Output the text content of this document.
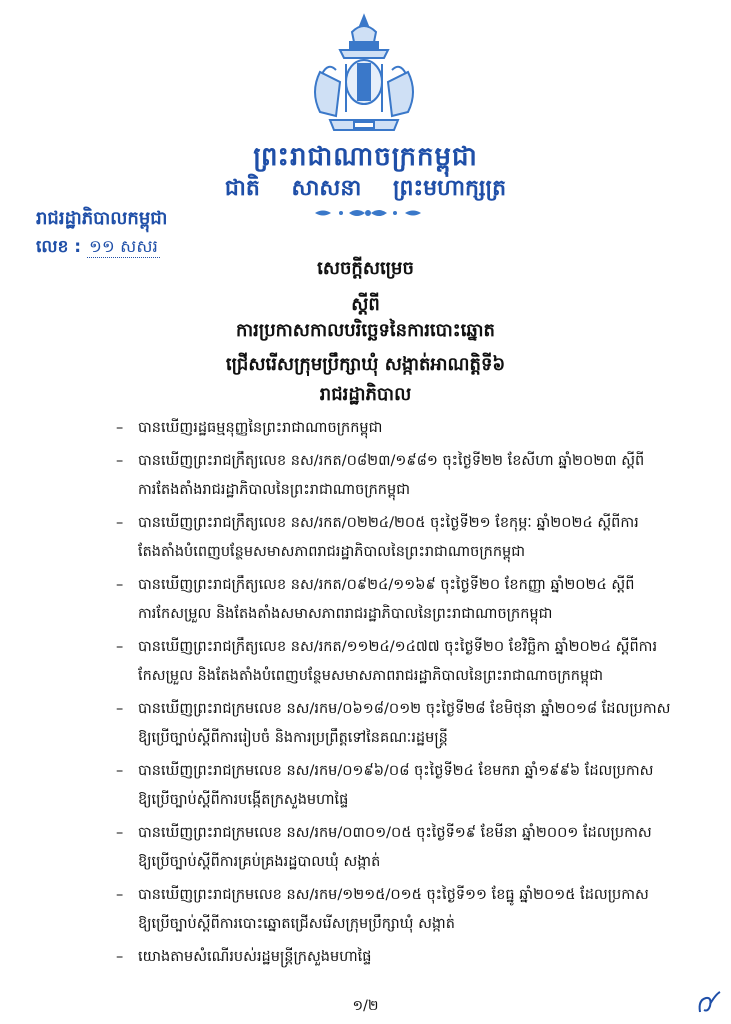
ព្រះរាជាណាចក្រកម្ពុជា
ជាតិ សាសនា ព្រះមហាក្សត្រ
រាជរដ្ឋាភិបាលកម្ពុជា
លេខ : ១១ សសរ
សេចក្ដីសម្រេច
ស្ដីពី
ការប្រកាសកាលបរិច្ឆេទនៃការបោះឆ្នោត
ជ្រើសរើសក្រុមប្រឹក្សាឃុំ សង្កាត់អាណត្តិទី៦
រាជរដ្ឋាភិបាល
– បានឃើញរដ្ឋធម្មនុញ្ញនៃព្រះរាជាណាចក្រកម្ពុជា
– បានឃើញព្រះរាជក្រឹត្យលេខ នស/រកត/០៨២៣/១៩៨១ ចុះថ្ងៃទី២២ ខែសីហា ឆ្នាំ២០២៣ ស្ដីពី
ការតែងតាំងរាជរដ្ឋាភិបាលនៃព្រះរាជាណាចក្រកម្ពុជា
– បានឃើញព្រះរាជក្រឹត្យលេខ នស/រកត/០២២៤/២០៥ ចុះថ្ងៃទី២១ ខែកុម្ភៈ ឆ្នាំ២០២៤ ស្ដីពីការ
តែងតាំងបំពេញបន្ថែមសមាសភាពរាជរដ្ឋាភិបាលនៃព្រះរាជាណាចក្រកម្ពុជា
– បានឃើញព្រះរាជក្រឹត្យលេខ នស/រកត/០៩២៤/១១៦៩ ចុះថ្ងៃទី២០ ខែកញ្ញា ឆ្នាំ២០២៤ ស្ដីពី
ការកែសម្រួល និងតែងតាំងសមាសភាពរាជរដ្ឋាភិបាលនៃព្រះរាជាណាចក្រកម្ពុជា
– បានឃើញព្រះរាជក្រឹត្យលេខ នស/រកត/១១២៤/១៤៧៧ ចុះថ្ងៃទី២០ ខែវិច្ឆិកា ឆ្នាំ២០២៤ ស្ដីពីការ
កែសម្រួល និងតែងតាំងបំពេញបន្ថែមសមាសភាពរាជរដ្ឋាភិបាលនៃព្រះរាជាណាចក្រកម្ពុជា
– បានឃើញព្រះរាជក្រមលេខ នស/រកម/០៦១៨/០១២ ចុះថ្ងៃទី២៨ ខែមិថុនា ឆ្នាំ២០១៨ ដែលប្រកាស
ឱ្យប្រើច្បាប់ស្ដីពីការរៀបចំ និងការប្រព្រឹត្តទៅនៃគណៈរដ្ឋមន្ត្រី
– បានឃើញព្រះរាជក្រមលេខ នស/រកម/០១៩៦/០៨ ចុះថ្ងៃទី២៤ ខែមករា ឆ្នាំ១៩៩៦ ដែលប្រកាស
ឱ្យប្រើច្បាប់ស្ដីពីការបង្កើតក្រសួងមហាផ្ទៃ
– បានឃើញព្រះរាជក្រមលេខ នស/រកម/០៣០១/០៥ ចុះថ្ងៃទី១៩ ខែមីនា ឆ្នាំ២០០១ ដែលប្រកាស
ឱ្យប្រើច្បាប់ស្ដីពីការគ្រប់គ្រងរដ្ឋបាលឃុំ សង្កាត់
– បានឃើញព្រះរាជក្រមលេខ នស/រកម/១២១៥/០១៥ ចុះថ្ងៃទី១១ ខែធ្នូ ឆ្នាំ២០១៥ ដែលប្រកាស
ឱ្យប្រើច្បាប់ស្ដីពីការបោះឆ្នោតជ្រើសរើសក្រុមប្រឹក្សាឃុំ សង្កាត់
– យោងតាមសំណើរបស់រដ្ឋមន្ត្រីក្រសួងមហាផ្ទៃ
១/២
